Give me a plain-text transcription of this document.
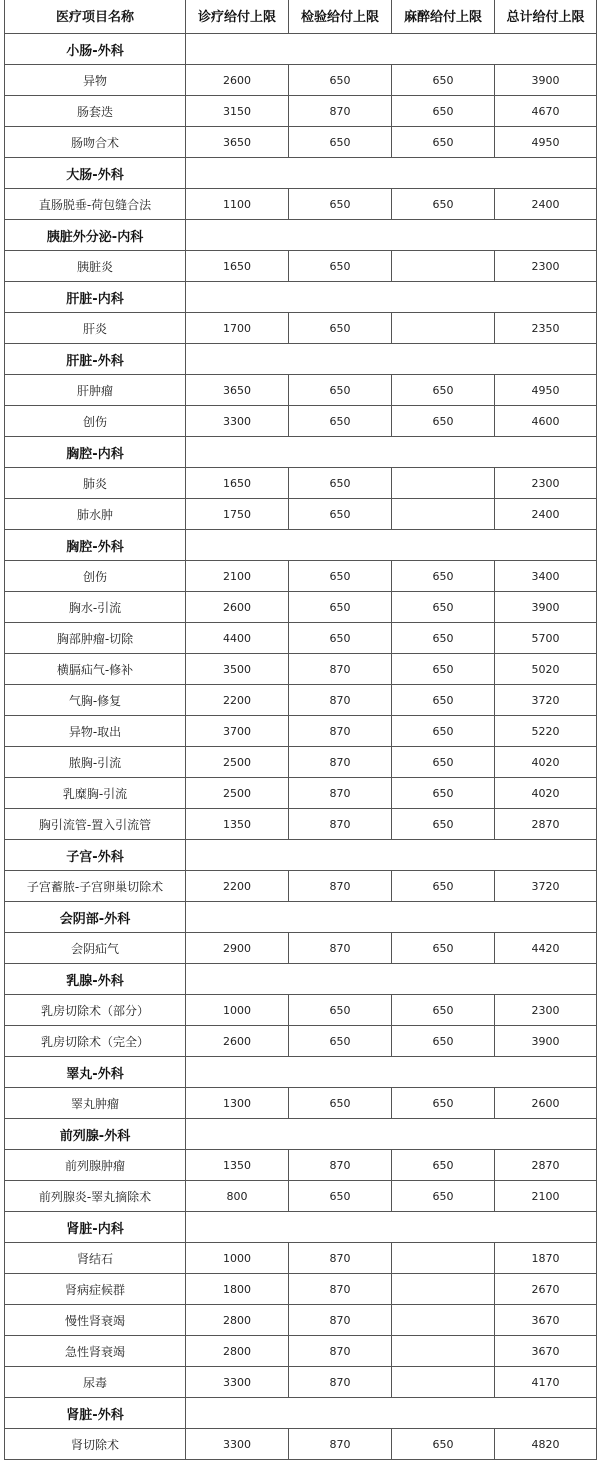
医疗项目名称	诊疗给付上限	检验给付上限	麻醉给付上限	总计给付上限
小肠-外科				
异物	2600	650	650	3900
肠套迭	3150	870	650	4670
肠吻合术	3650	650	650	4950
大肠-外科				
直肠脱垂-荷包缝合法	1100	650	650	2400
胰脏外分泌-内科				
胰脏炎	1650	650		2300
肝脏-内科				
肝炎	1700	650		2350
肝脏-外科				
肝肿瘤	3650	650	650	4950
创伤	3300	650	650	4600
胸腔-内科				
肺炎	1650	650		2300
肺水肿	1750	650		2400
胸腔-外科				
创伤	2100	650	650	3400
胸水-引流	2600	650	650	3900
胸部肿瘤-切除	4400	650	650	5700
横膈疝气-修补	3500	870	650	5020
气胸-修复	2200	870	650	3720
异物-取出	3700	870	650	5220
脓胸-引流	2500	870	650	4020
乳糜胸-引流	2500	870	650	4020
胸引流管-置入引流管	1350	870	650	2870
子宫-外科				
子宫蓄脓-子宫卵巢切除术	2200	870	650	3720
会阴部-外科				
会阴疝气	2900	870	650	4420
乳腺-外科				
乳房切除术（部分）	1000	650	650	2300
乳房切除术（完全）	2600	650	650	3900
睪丸-外科				
睪丸肿瘤	1300	650	650	2600
前列腺-外科				
前列腺肿瘤	1350	870	650	2870
前列腺炎-睪丸摘除术	800	650	650	2100
肾脏-内科				
肾结石	1000	870		1870
肾病症候群	1800	870		2670
慢性肾衰竭	2800	870		3670
急性肾衰竭	2800	870		3670
尿毒	3300	870		4170
肾脏-外科				
肾切除术	3300	870	650	4820
